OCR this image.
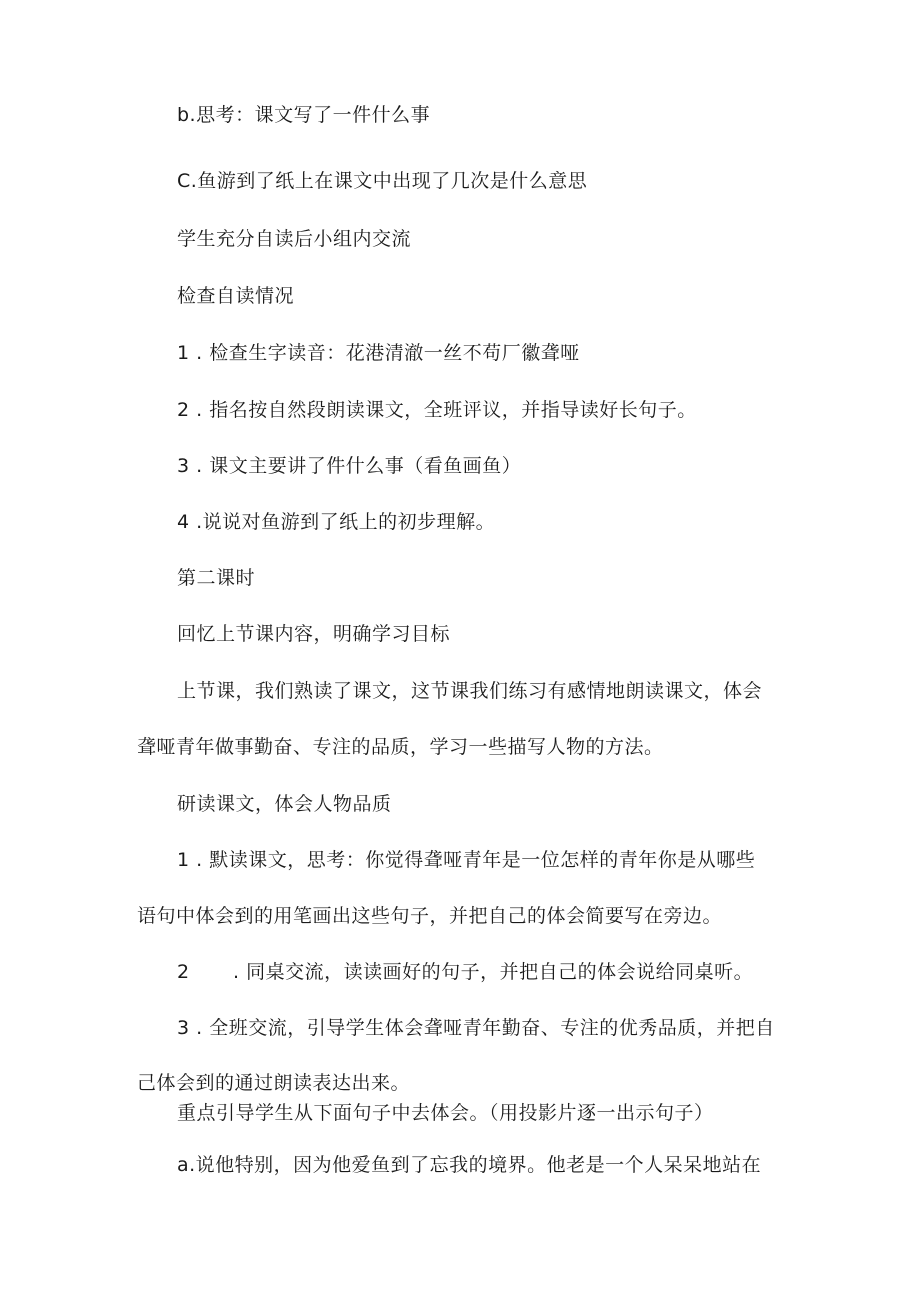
b.思考：课文写了一件什么事

C.鱼游到了纸上在课文中出现了几次是什么意思

学生充分自读后小组内交流

检查自读情况

1 . 检查生字读音：花港清澈一丝不苟厂徽聋哑

2 . 指名按自然段朗读课文，全班评议，并指导读好长句子。

3 . 课文主要讲了件什么事（看鱼画鱼）

4 .说说对鱼游到了纸上的初步理解。

第二课时

回忆上节课内容，明确学习目标

上节课，我们熟读了课文，这节课我们练习有感情地朗读课文，体会

聋哑青年做事勤奋、专注的品质，学习一些描写人物的方法。

研读课文，体会人物品质

1 . 默读课文，思考：你觉得聋哑青年是一位怎样的青年你是从哪些

语句中体会到的用笔画出这些句子，并把自己的体会简要写在旁边。

2 . 同桌交流，读读画好的句子，并把自己的体会说给同桌听。

3 . 全班交流，引导学生体会聋哑青年勤奋、专注的优秀品质，并把自

己体会到的通过朗读表达出来。

重点引导学生从下面句子中去体会。（用投影片逐一出示句子）

a.说他特别，因为他爱鱼到了忘我的境界。他老是一个人呆呆地站在
